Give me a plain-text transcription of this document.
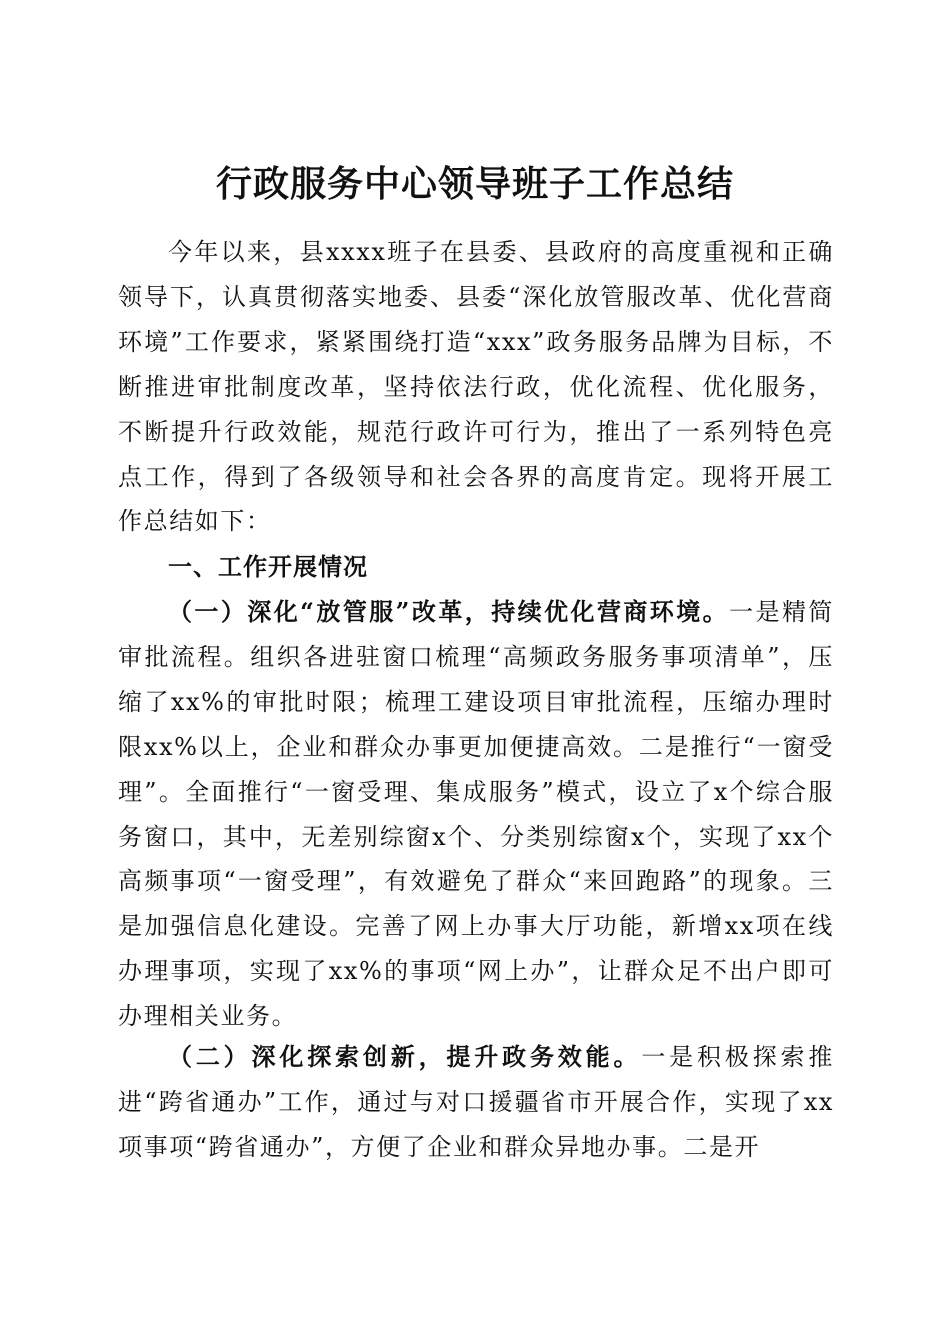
行政服务中心领导班子工作总结

今年以来，县xxxx班子在县委、县政府的高度重视和正确领导下，认真贯彻落实地委、县委“深化放管服改革、优化营商环境”工作要求，紧紧围绕打造“xxx”政务服务品牌为目标，不断推进审批制度改革，坚持依法行政，优化流程、优化服务，不断提升行政效能，规范行政许可行为，推出了一系列特色亮点工作，得到了各级领导和社会各界的高度肯定。现将开展工作总结如下：

一、工作开展情况

（一）深化“放管服”改革，持续优化营商环境。一是精简审批流程。组织各进驻窗口梳理“高频政务服务事项清单”，压缩了xx%的审批时限；梳理工建设项目审批流程，压缩办理时限xx%以上，企业和群众办事更加便捷高效。二是推行“一窗受理”。全面推行“一窗受理、集成服务”模式，设立了x个综合服务窗口，其中，无差别综窗x个、分类别综窗x个，实现了xx个高频事项“一窗受理”，有效避免了群众“来回跑路”的现象。三是加强信息化建设。完善了网上办事大厅功能，新增xx项在线办理事项，实现了xx%的事项“网上办”，让群众足不出户即可办理相关业务。

（二）深化探索创新，提升政务效能。一是积极探索推进“跨省通办”工作，通过与对口援疆省市开展合作，实现了xx项事项“跨省通办”，方便了企业和群众异地办事。二是开
